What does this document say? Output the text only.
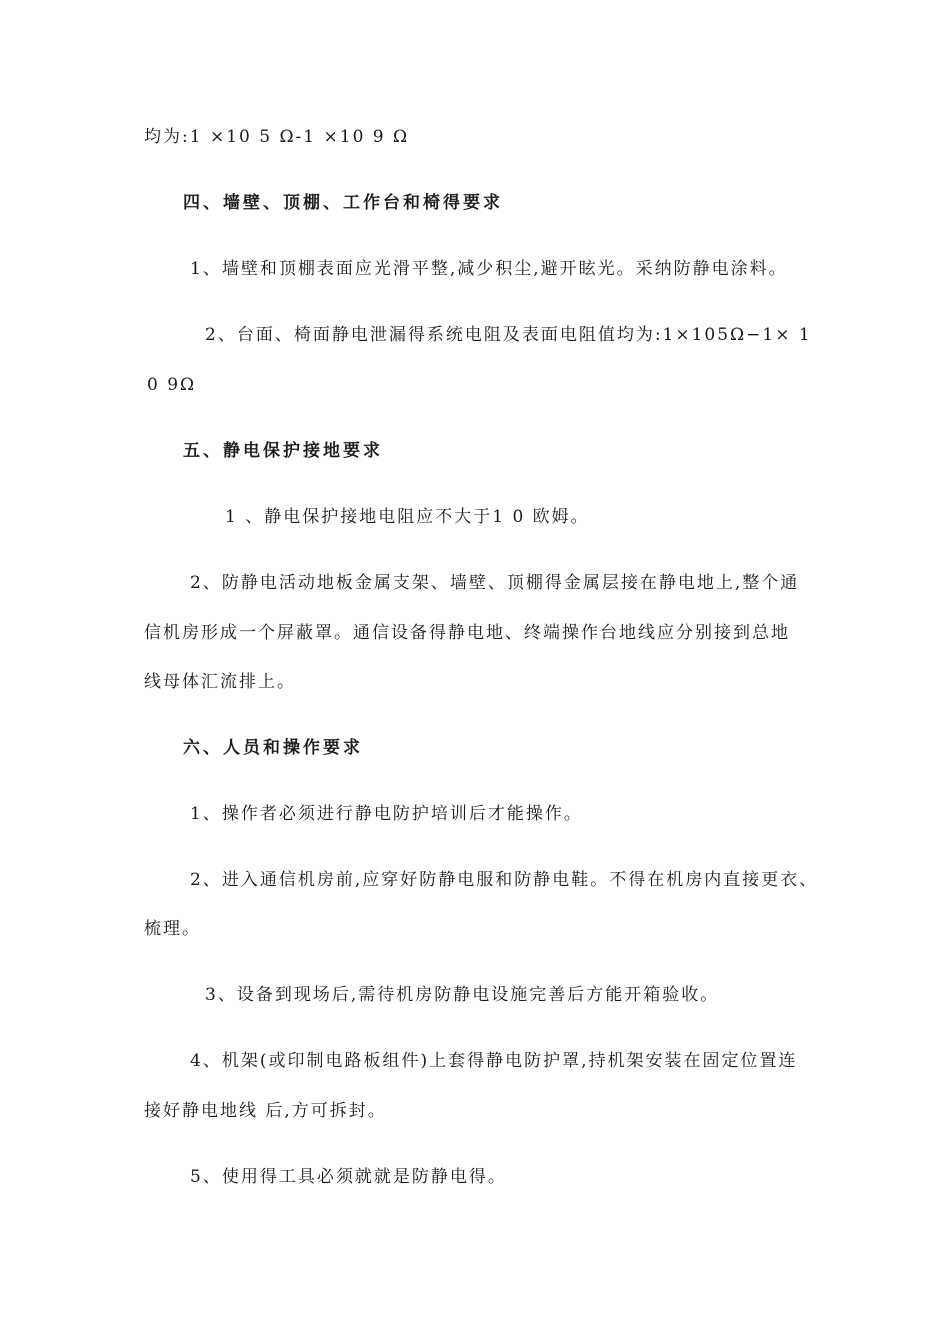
均为:1 ×10 5 Ω-1 ×10 9 Ω
四、墙壁、顶棚、工作台和椅得要求
1、墙壁和顶棚表面应光滑平整,减少积尘,避开眩光。采纳防静电涂料。
2、台面、椅面静电泄漏得系统电阻及表面电阻值均为:1×105Ω−1× 1
0 9Ω
五、静电保护接地要求
1 、静电保护接地电阻应不大于1 0 欧姆。
2、防静电活动地板金属支架、墙壁、顶棚得金属层接在静电地上,整个通
信机房形成一个屏蔽罩。通信设备得静电地、终端操作台地线应分别接到总地
线母体汇流排上。
六、人员和操作要求
1、操作者必须进行静电防护培训后才能操作。
2、进入通信机房前,应穿好防静电服和防静电鞋。不得在机房内直接更衣、
梳理。
3、设备到现场后,需待机房防静电设施完善后方能开箱验收。
4、机架(或印制电路板组件)上套得静电防护罩,持机架安装在固定位置连
接好静电地线 后,方可拆封。
5、使用得工具必须就就是防静电得。
